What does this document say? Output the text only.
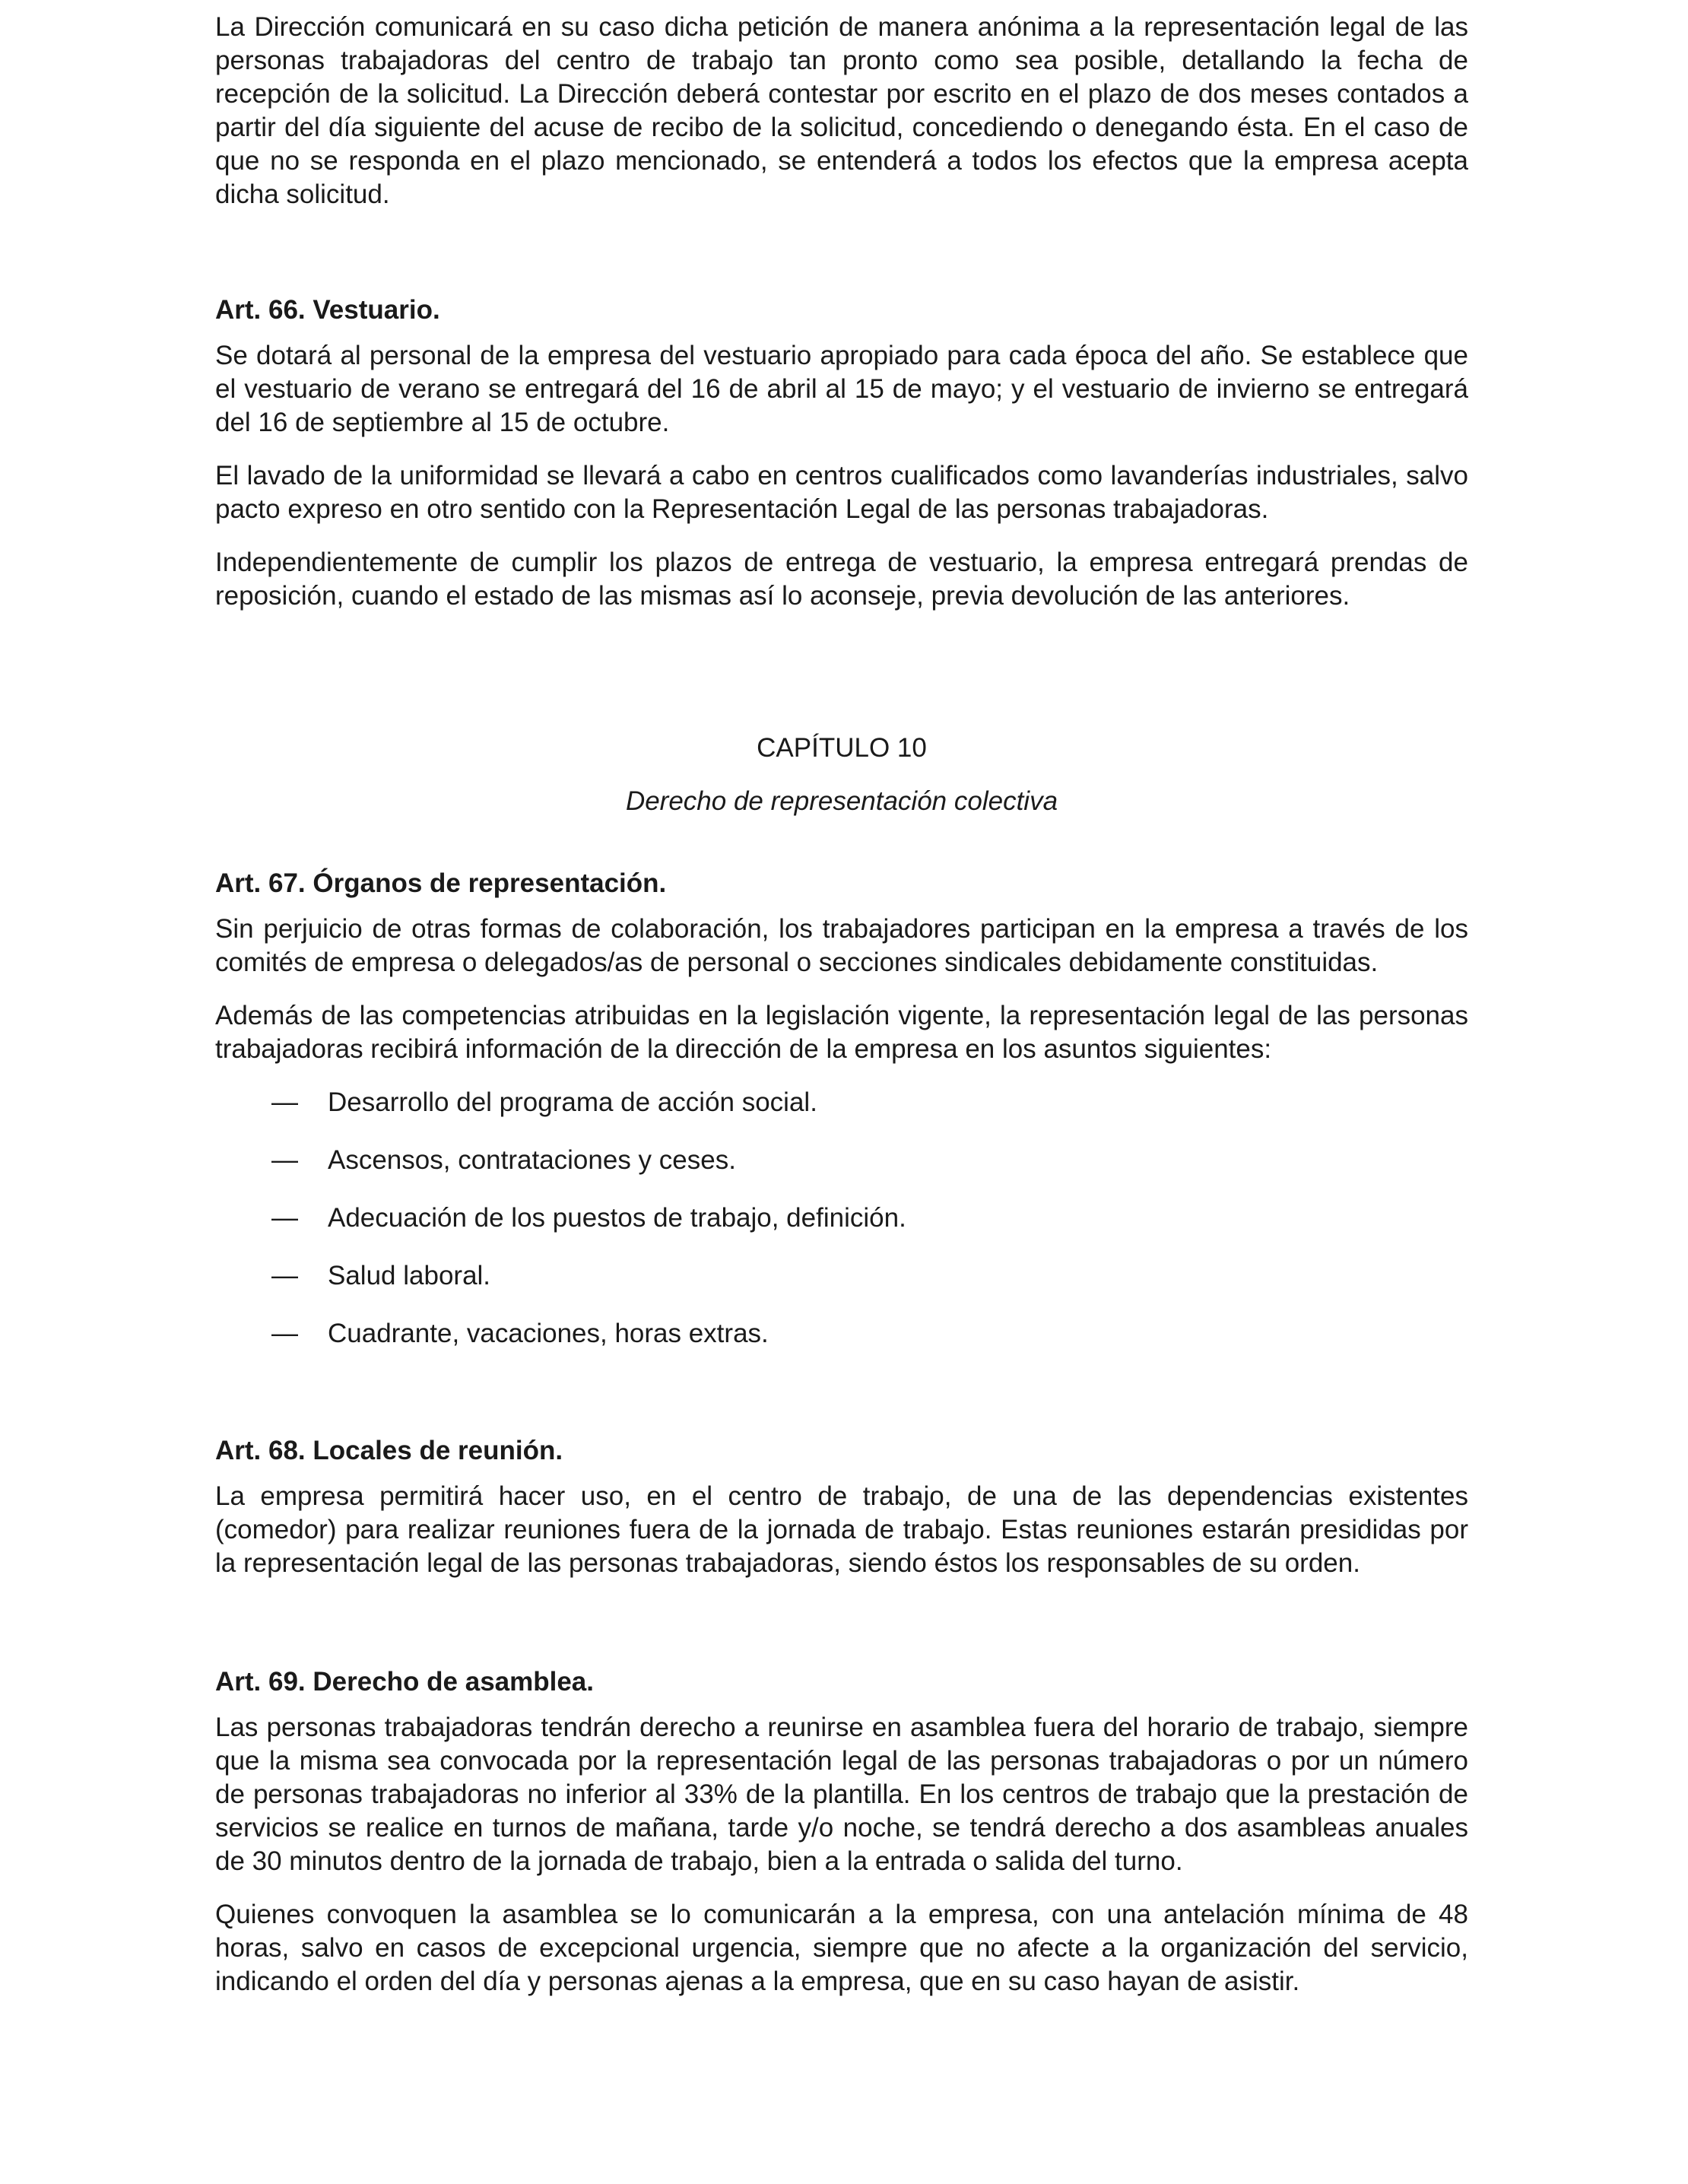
La Dirección comunicará en su caso dicha petición de manera anónima a la representación legal de las personas trabajadoras del centro de trabajo tan pronto como sea posible, detallando la fecha de recepción de la solicitud. La Dirección deberá contestar por escrito en el plazo de dos meses contados a partir del día siguiente del acuse de recibo de la solicitud, concediendo o denegando ésta. En el caso de que no se responda en el plazo mencionado, se entenderá a todos los efectos que la empresa acepta dicha solicitud.

Art. 66. Vestuario.

Se dotará al personal de la empresa del vestuario apropiado para cada época del año. Se establece que el vestuario de verano se entregará del 16 de abril al 15 de mayo; y el vestuario de invierno se entregará del 16 de septiembre al 15 de octubre.

El lavado de la uniformidad se llevará a cabo en centros cualificados como lavanderías industriales, salvo pacto expreso en otro sentido con la Representación Legal de las personas trabajadoras.

Independientemente de cumplir los plazos de entrega de vestuario, la empresa entregará prendas de reposición, cuando el estado de las mismas así lo aconseje, previa devolución de las anteriores.

CAPÍTULO 10
Derecho de representación colectiva
Art. 67. Órganos de representación.

Sin perjuicio de otras formas de colaboración, los trabajadores participan en la empresa a través de los comités de empresa o delegados/as de personal o secciones sindicales debidamente constituidas.

Además de las competencias atribuidas en la legislación vigente, la representación legal de las personas trabajadoras recibirá información de la dirección de la empresa en los asuntos siguientes:

— Desarrollo del programa de acción social.
— Ascensos, contrataciones y ceses.
— Adecuación de los puestos de trabajo, definición.
— Salud laboral.
— Cuadrante, vacaciones, horas extras.
Art. 68. Locales de reunión.

La empresa permitirá hacer uso, en el centro de trabajo, de una de las dependencias existentes (comedor) para realizar reuniones fuera de la jornada de trabajo. Estas reuniones estarán presididas por la representación legal de las personas trabajadoras, siendo éstos los responsables de su orden.

Art. 69. Derecho de asamblea.

Las personas trabajadoras tendrán derecho a reunirse en asamblea fuera del horario de trabajo, siempre que la misma sea convocada por la representación legal de las personas trabajadoras o por un número de personas trabajadoras no inferior al 33% de la plantilla. En los centros de trabajo que la prestación de servicios se realice en turnos de mañana, tarde y/o noche, se tendrá derecho a dos asambleas anuales de 30 minutos dentro de la jornada de trabajo, bien a la entrada o salida del turno.

Quienes convoquen la asamblea se lo comunicarán a la empresa, con una antelación mínima de 48 horas, salvo en casos de excepcional urgencia, siempre que no afecte a la organización del servicio, indicando el orden del día y personas ajenas a la empresa, que en su caso hayan de asistir.
